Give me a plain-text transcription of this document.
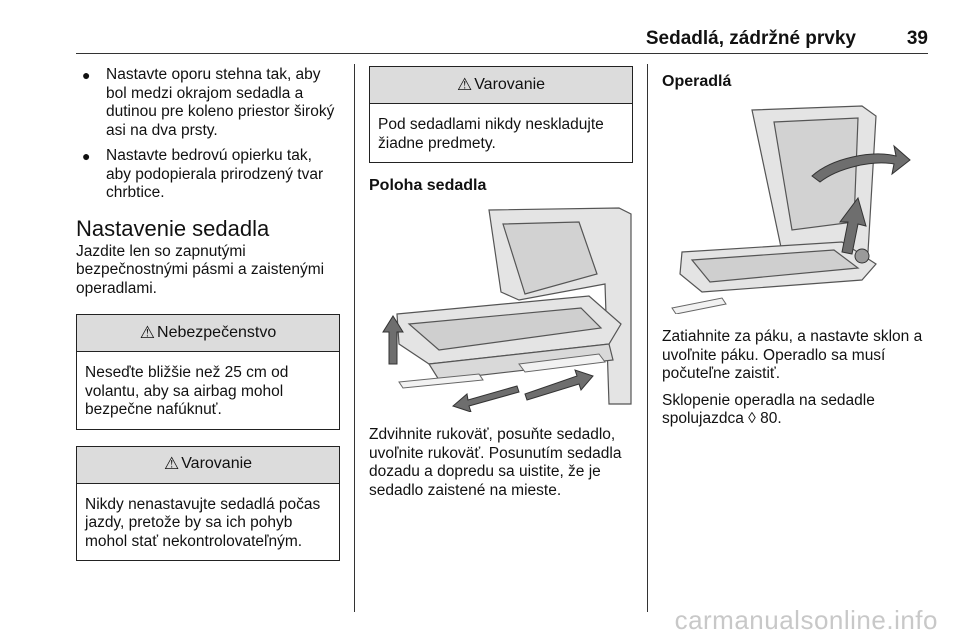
Sedadlá, zádržné prvky	39
● Nastavte oporu stehna tak, aby bol medzi okrajom sedadla a dutinou pre koleno priestor široký asi na dva prsty.
● Nastavte bedrovú opierku tak, aby podopierala prirodzený tvar chrbtice.
Nastavenie sedadla

Jazdite len so zapnutými bezpečnostnými pásmi a zaistenými operadlami.

⚠ Nebezpečenstvo
Neseďte bližšie než 25 cm od volantu, aby sa airbag mohol bezpečne nafúknuť.
⚠ Varovanie
Nikdy nenastavujte sedadlá počas jazdy, pretože by sa ich pohyb mohol stať nekontrolovateľným.
⚠ Varovanie
Pod sedadlami nikdy neskladujte žiadne predmety.
Poloha sedadla

Zdvihnite rukoväť, posuňte sedadlo, uvoľnite rukoväť. Posunutím sedadla dozadu a dopredu sa uistite, že je sedadlo zaistené na mieste.

Operadlá

Zatiahnite za páku, a nastavte sklon a uvoľnite páku. Operadlo sa musí počuteľne zaistiť.

Sklopenie operadla na sedadle spolujazdca ◊ 80.

carmanualsonline.info
